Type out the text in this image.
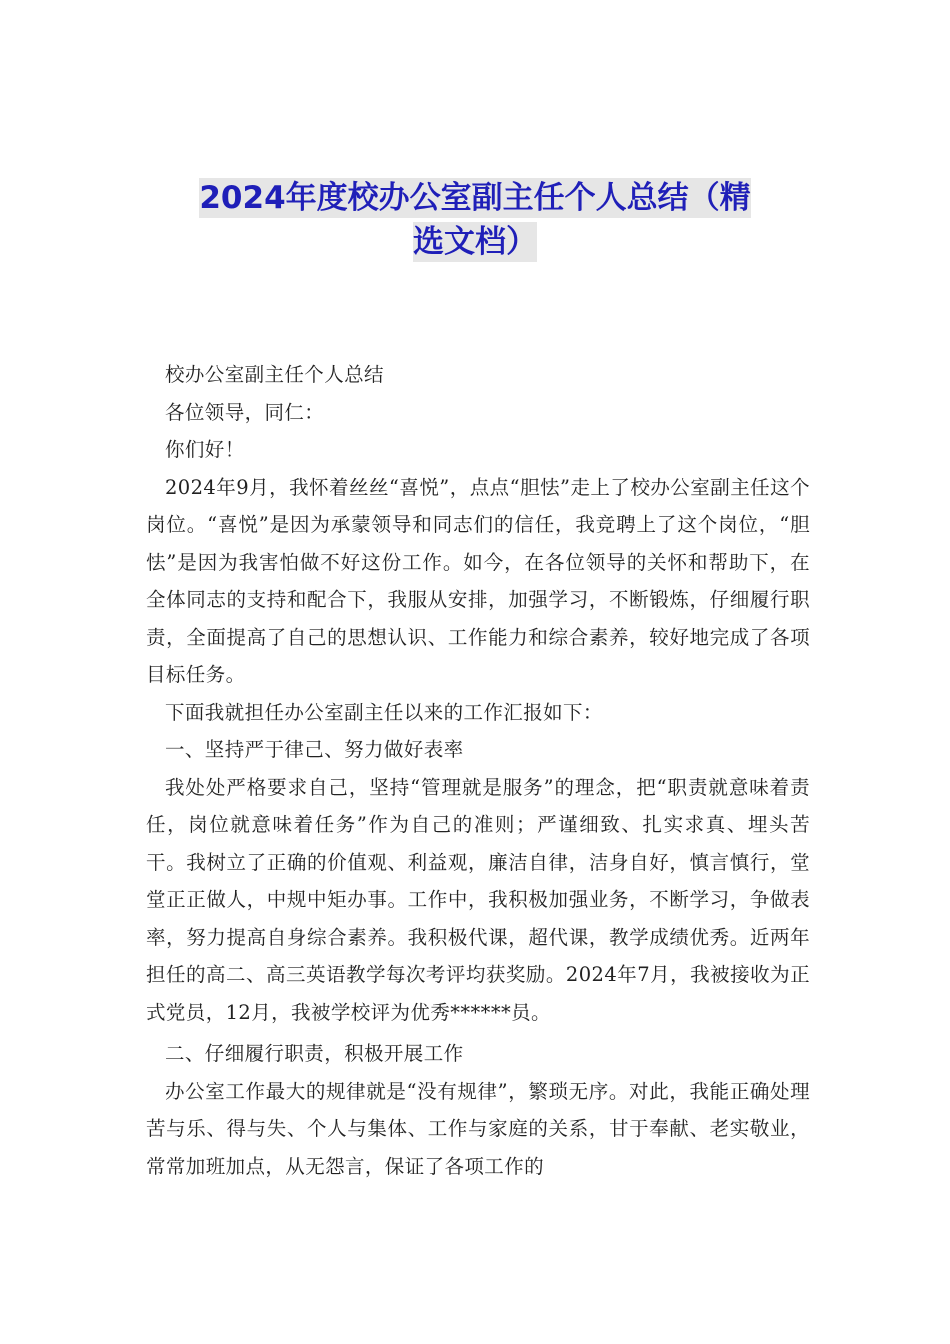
2024年度校办公室副主任个人总结（精
选文档）

校办公室副主任个人总结

各位领导，同仁：

你们好！

2024年9月，我怀着丝丝“喜悦”，点点“胆怯”走上了校办公室副主任这个岗位。“喜悦”是因为承蒙领导和同志们的信任，我竞聘上了这个岗位，“胆怯”是因为我害怕做不好这份工作。如今，在各位领导的关怀和帮助下，在全体同志的支持和配合下，我服从安排，加强学习，不断锻炼，仔细履行职责，全面提高了自己的思想认识、工作能力和综合素养，较好地完成了各项目标任务。

下面我就担任办公室副主任以来的工作汇报如下：

一、坚持严于律己、努力做好表率

我处处严格要求自己，坚持“管理就是服务”的理念，把“职责就意味着责任，岗位就意味着任务”作为自己的准则；严谨细致、扎实求真、埋头苦干。我树立了正确的价值观、利益观，廉洁自律，洁身自好，慎言慎行，堂堂正正做人，中规中矩办事。工作中，我积极加强业务，不断学习，争做表率，努力提高自身综合素养。我积极代课，超代课，教学成绩优秀。近两年担任的高二、高三英语教学每次考评均获奖励。2024年7月，我被接收为正式党员，12月，我被学校评为优秀******员。

二、仔细履行职责，积极开展工作

办公室工作最大的规律就是“没有规律”，繁琐无序。对此，我能正确处理苦与乐、得与失、个人与集体、工作与家庭的关系，甘于奉献、老实敬业，常常加班加点，从无怨言，保证了各项工作的
